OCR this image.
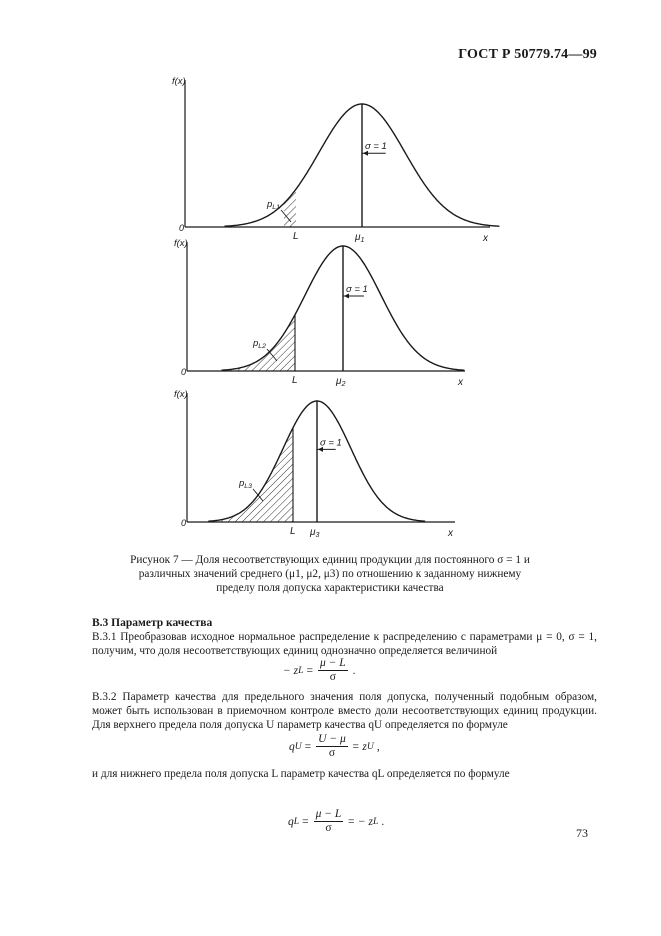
ГОСТ Р 50779.74—99
σ = 1
f(x)
0
x
L	$\mu_1$
$p_{L1}$
σ = 1
f(x)
0
x
L	$\mu_2$
$p_{L2}$
σ = 1
f(x)
0
x
L $\mu_3$
$p_{L3}$
Рисунок 7 — Доля несоответствующих единиц продукции для постоянного σ = 1 и различных значений среднего (μ1, μ2, μ3) по отношению к заданному нижнему пределу поля допуска характеристики качества
В.3 Параметр качества
В.3.1 Преобразовав исходное нормальное распределение к распределению с параметрами μ = 0, σ = 1, получим, что доля несоответствующих единиц однозначно определяется величиной
− z $L = \frac{\mu - L}{\sigma}$ .
В.3.2 Параметр качества для предельного значения поля допуска, полученный подобным образом, может быть использован в приемочном контроле вместо доли несоответствующих единиц продукции. Для верхнего предела поля допуска U параметр качества qU определяется по формуле
q $U = \frac{U - \mu}{\sigma} = z$ U ,
и для нижнего предела поля допуска L параметр качества qL определяется по формуле
q $L = \frac{\mu - L}{\sigma}$ = − z L .
73
